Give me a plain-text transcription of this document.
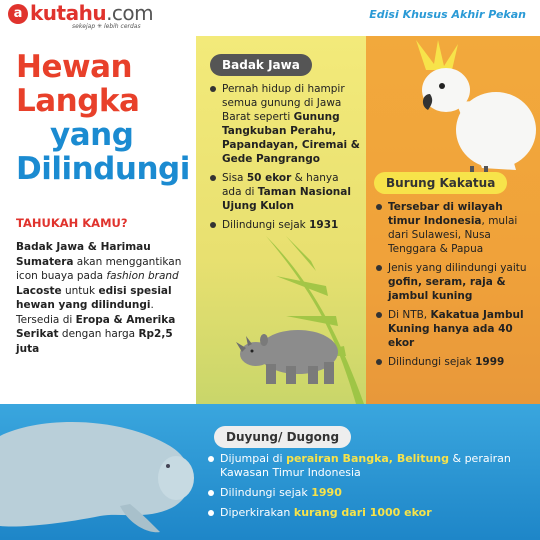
a kutahu.com
sekejap ✳ lebih cerdas
Edisi Khusus Akhir Pekan
Hewan
Langka
yang
Dilindungi
TAHUKAH KAMU?
Badak Jawa & Harimau Sumatera akan menggantikan icon buaya pada fashion brand Lacoste untuk edisi spesial hewan yang dilindungi. Tersedia di Eropa & Amerika Serikat dengan harga Rp2,5 juta
Badak Jawa
Pernah hidup di hampir semua gunung di Jawa Barat seperti Gunung Tangkuban Perahu, Papandayan, Ciremai & Gede Pangrango
Sisa 50 ekor & hanya ada di Taman Nasional Ujung Kulon
Dilindungi sejak 1931
Burung Kakatua
Tersebar di wilayah timur Indonesia, mulai dari Sulawesi, Nusa Tenggara & Papua
Jenis yang dilindungi yaitu gofin, seram, raja & jambul kuning
Di NTB, Kakatua Jambul Kuning hanya ada 40 ekor
Dilindungi sejak 1999
Duyung/ Dugong
Dijumpai di perairan Bangka, Belitung & perairan Kawasan Timur Indonesia
Dilindungi sejak 1990
Diperkirakan kurang dari 1000 ekor
